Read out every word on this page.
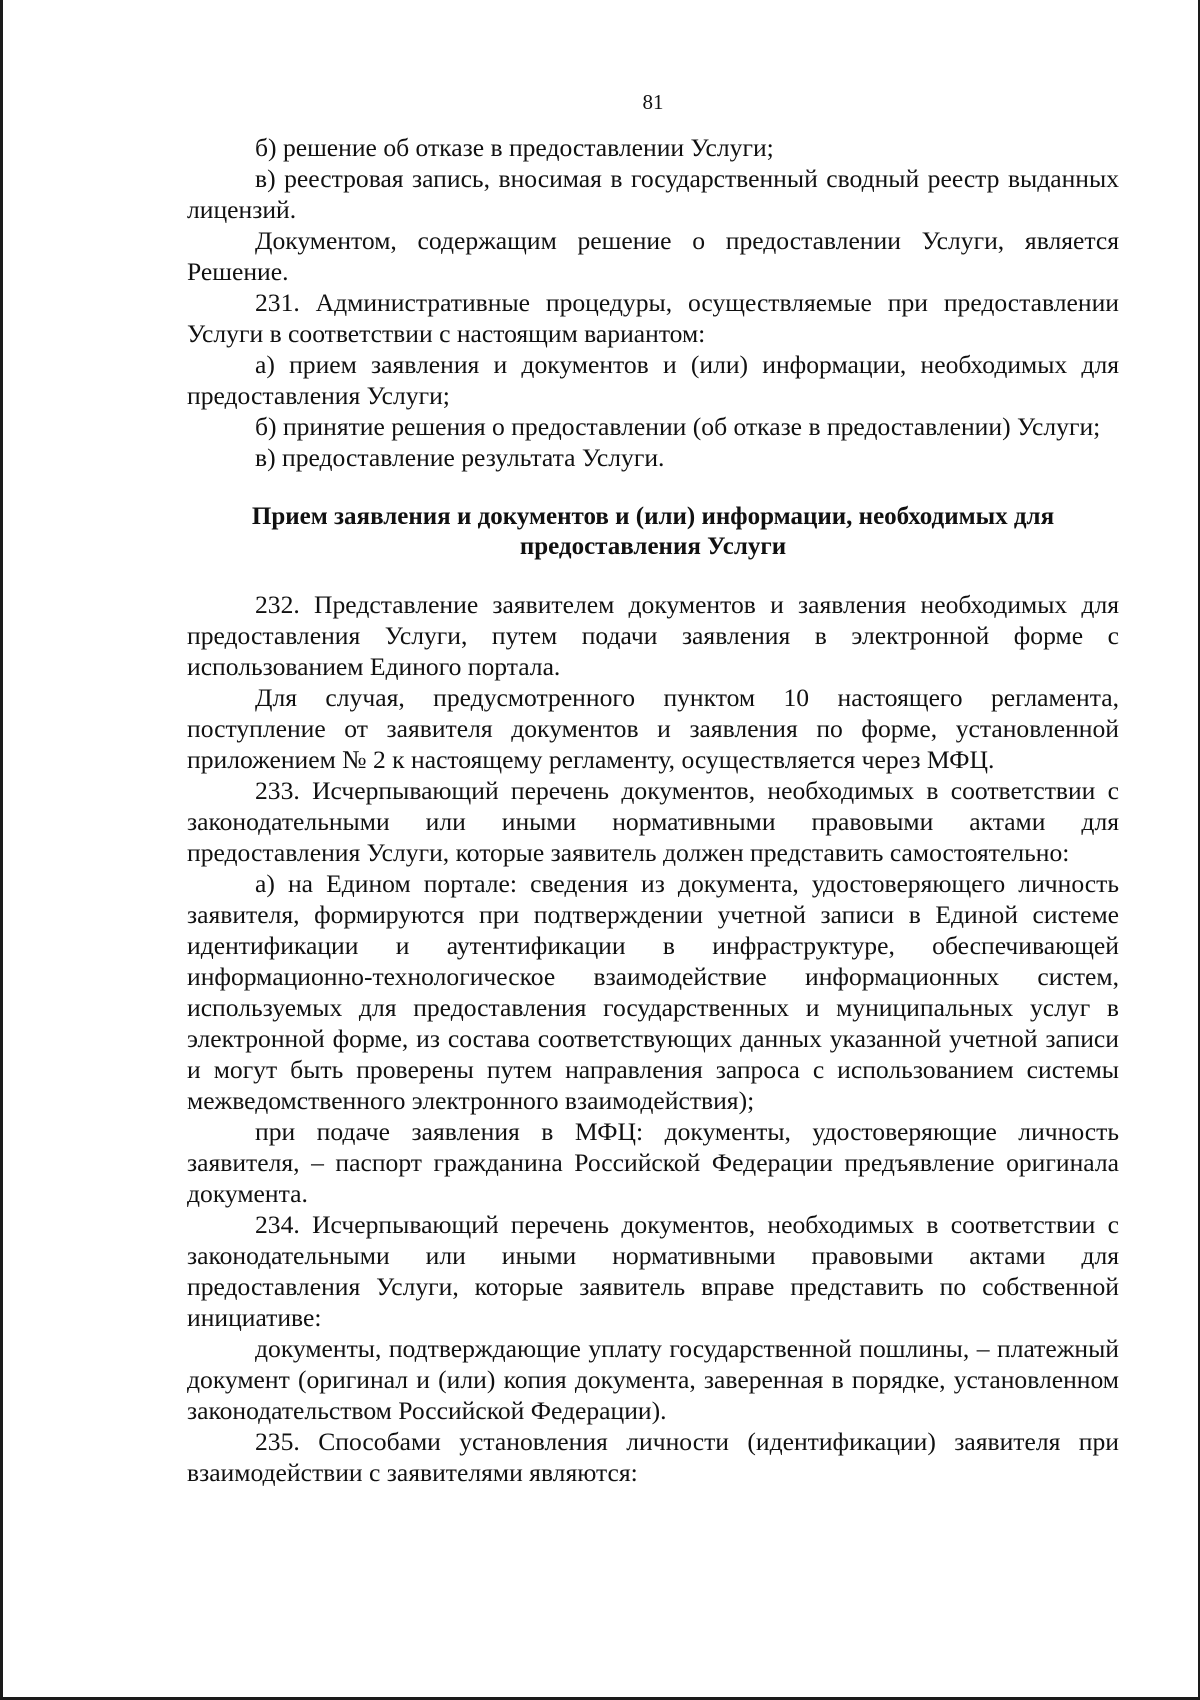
81

б) решение об отказе в предоставлении Услуги;

в) реестровая запись, вносимая в государственный сводный реестр выданных лицензий.

Документом, содержащим решение о предоставлении Услуги, является Решение.

231. Административные процедуры, осуществляемые при предоставлении Услуги в соответствии с настоящим вариантом:

а) прием заявления и документов и (или) информации, необходимых для предоставления Услуги;

б) принятие решения о предоставлении (об отказе в предоставлении) Услуги;

в) предоставление результата Услуги.

Прием заявления и документов и (или) информации, необходимых для предоставления Услуги

232. Представление заявителем документов и заявления необходимых для предоставления Услуги, путем подачи заявления в электронной форме с использованием Единого портала.

Для случая, предусмотренного пунктом 10 настоящего регламента, поступление от заявителя документов и заявления по форме, установленной приложением № 2 к настоящему регламенту, осуществляется через МФЦ.

233. Исчерпывающий перечень документов, необходимых в соответствии с законодательными или иными нормативными правовыми актами для предоставления Услуги, которые заявитель должен представить самостоятельно:

а) на Едином портале: сведения из документа, удостоверяющего личность заявителя, формируются при подтверждении учетной записи в Единой системе идентификации и аутентификации в инфраструктуре, обеспечивающей информационно-технологическое взаимодействие информационных систем, используемых для предоставления государственных и муниципальных услуг в электронной форме, из состава соответствующих данных указанной учетной записи и могут быть проверены путем направления запроса с использованием системы межведомственного электронного взаимодействия);

при подаче заявления в МФЦ: документы, удостоверяющие личность заявителя, – паспорт гражданина Российской Федерации предъявление оригинала документа.

234. Исчерпывающий перечень документов, необходимых в соответствии с законодательными или иными нормативными правовыми актами для предоставления Услуги, которые заявитель вправе представить по собственной инициативе:

документы, подтверждающие уплату государственной пошлины, – платежный документ (оригинал и (или) копия документа, заверенная в порядке, установленном законодательством Российской Федерации).

235. Способами установления личности (идентификации) заявителя при взаимодействии с заявителями являются:
